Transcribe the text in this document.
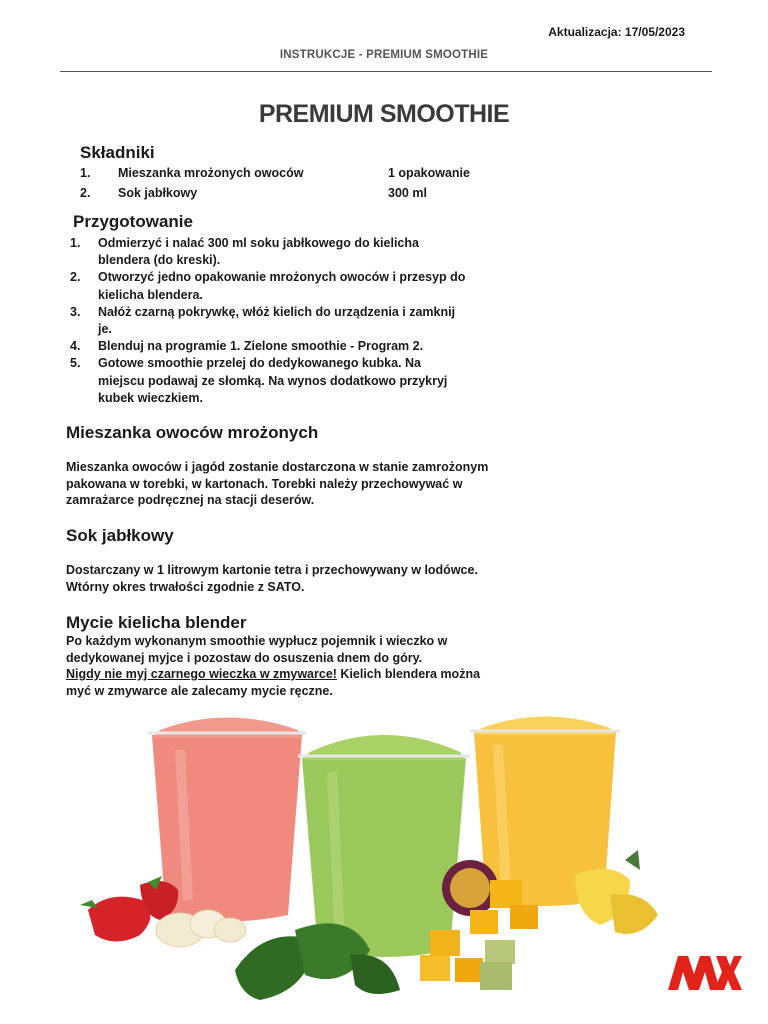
Aktualizacja: 17/05/2023
INSTRUKCJE - PREMIUM SMOOTHIE
PREMIUM SMOOTHIE
Składniki
1. Mieszanka mrożonych owoców	1 opakowanie
2. Sok jabłkowy	300 ml
Przygotowanie
1. Odmierzyć i nalać 300 ml soku jabłkowego do kielicha blendera (do kreski).
2. Otworzyć jedno opakowanie mrożonych owoców i przesyp do kielicha blendera.
3. Nałóż czarną pokrywkę, włóż kielich do urządzenia i zamknij je.
4. Blenduj na programie 1. Zielone smoothie - Program 2.
5. Gotowe smoothie przelej do dedykowanego kubka. Na miejscu podawaj ze słomką. Na wynos dodatkowo przykryj kubek wieczkiem.
Mieszanka owoców mrożonych
Mieszanka owoców i jagód zostanie dostarczona w stanie zamrożonym pakowana w torebki, w kartonach. Torebki należy przechowywać w zamrażarce podręcznej na stacji deserów.
Sok jabłkowy
Dostarczany w 1 litrowym kartonie tetra i przechowywany w lodówce. Wtórny okres trwałości zgodnie z SATO.
Mycie kielicha blender
Po każdym wykonanym smoothie wypłucz pojemnik i wieczko w dedykowanej myjce i pozostaw do osuszenia dnem do góry.
Nigdy nie myj czarnego wieczka w zmywarce! Kielich blendera można myć w zmywarce ale zalecamy mycie ręczne.
MAX
